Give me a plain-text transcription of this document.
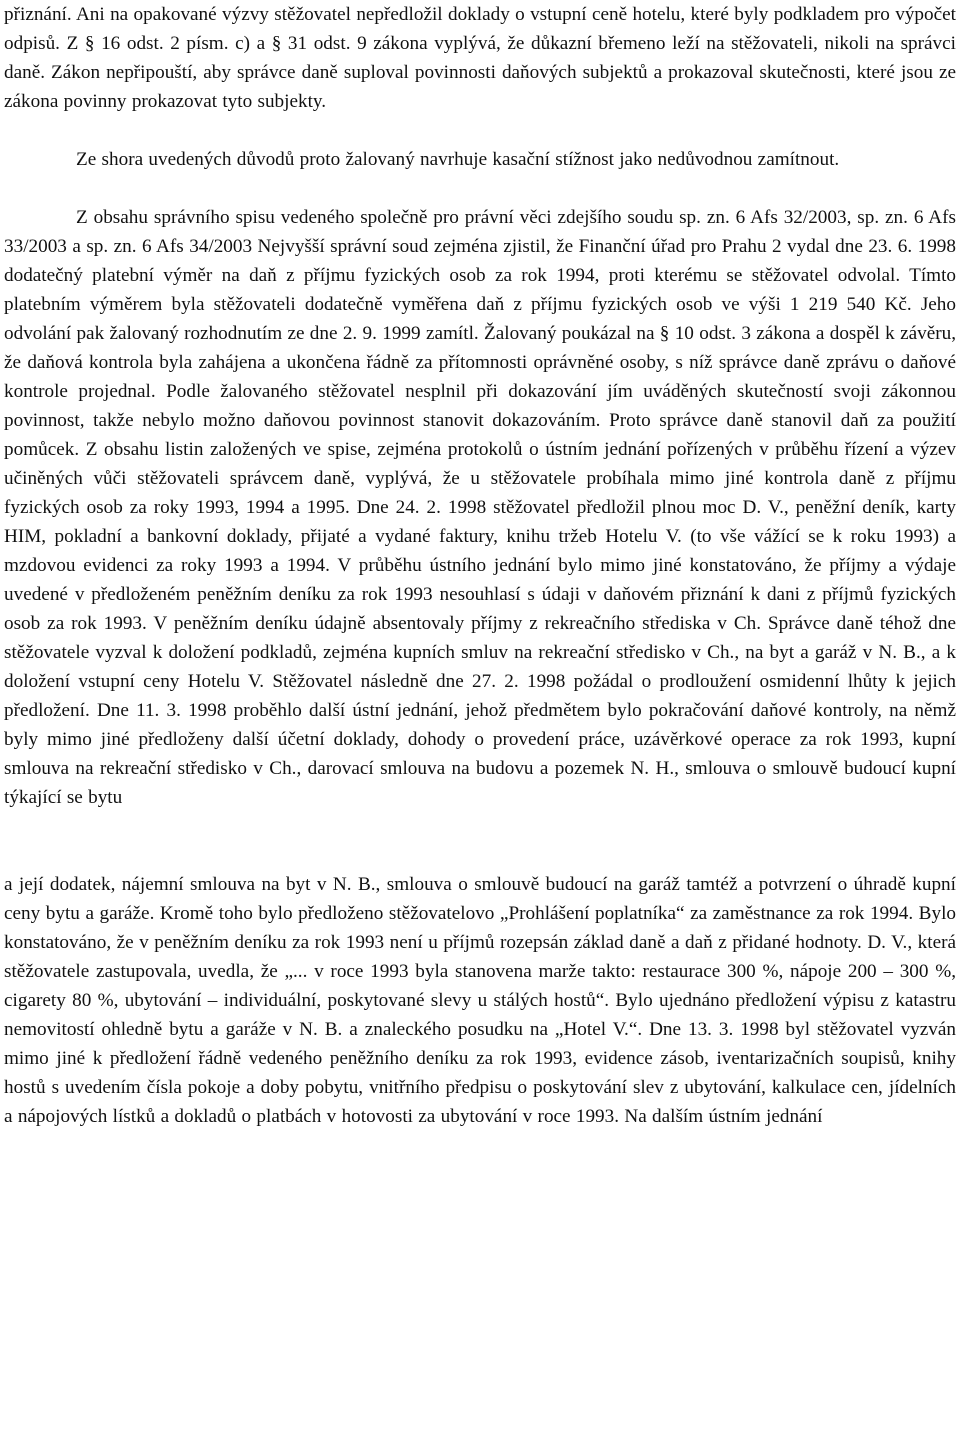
přiznání. Ani na opakované výzvy stěžovatel nepředložil doklady o vstupní ceně hotelu, které byly podkladem pro výpočet odpisů. Z § 16 odst. 2 písm. c) a § 31 odst. 9 zákona vyplývá, že důkazní břemeno leží na stěžovateli, nikoli na správci daně. Zákon nepřipouští, aby správce daně suploval povinnosti daňových subjektů a prokazoval skutečnosti, které jsou ze zákona povinny prokazovat tyto subjekty.

Ze shora uvedených důvodů proto žalovaný navrhuje kasační stížnost jako nedůvodnou zamítnout.

Z obsahu správního spisu vedeného společně pro právní věci zdejšího soudu sp. zn. 6 Afs 32/2003, sp. zn. 6 Afs 33/2003 a sp. zn. 6 Afs 34/2003 Nejvyšší správní soud zejména zjistil, že Finanční úřad pro Prahu 2 vydal dne 23. 6. 1998 dodatečný platební výměr na daň z příjmu fyzických osob za rok 1994, proti kterému se stěžovatel odvolal. Tímto platebním výměrem byla stěžovateli dodatečně vyměřena daň z příjmu fyzických osob ve výši 1 219 540 Kč. Jeho odvolání pak žalovaný rozhodnutím ze dne 2. 9. 1999 zamítl. Žalovaný poukázal na § 10 odst. 3 zákona a dospěl k závěru, že daňová kontrola byla zahájena a ukončena řádně za přítomnosti oprávněné osoby, s níž správce daně zprávu o daňové kontrole projednal. Podle žalovaného stěžovatel nesplnil při dokazování jím uváděných skutečností svoji zákonnou povinnost, takže nebylo možno daňovou povinnost stanovit dokazováním. Proto správce daně stanovil daň za použití pomůcek. Z obsahu listin založených ve spise, zejména protokolů o ústním jednání pořízených v průběhu řízení a výzev učiněných vůči stěžovateli správcem daně, vyplývá, že u stěžovatele probíhala mimo jiné kontrola daně z příjmu fyzických osob za roky 1993, 1994 a 1995. Dne 24. 2. 1998 stěžovatel předložil plnou moc D. V., peněžní deník, karty HIM, pokladní a bankovní doklady, přijaté a vydané faktury, knihu tržeb Hotelu V. (to vše vážící se k roku 1993) a mzdovou evidenci za roky 1993 a 1994. V průběhu ústního jednání bylo mimo jiné konstatováno, že příjmy a výdaje uvedené v předloženém peněžním deníku za rok 1993 nesouhlasí s údaji v daňovém přiznání k dani z příjmů fyzických osob za rok 1993. V peněžním deníku údajně absentovaly příjmy z rekreačního střediska v Ch. Správce daně téhož dne stěžovatele vyzval k doložení podkladů, zejména kupních smluv na rekreační středisko v Ch., na byt a garáž v N. B., a k doložení vstupní ceny Hotelu V. Stěžovatel následně dne 27. 2. 1998 požádal o prodloužení osmidenní lhůty k jejich předložení. Dne 11. 3. 1998 proběhlo další ústní jednání, jehož předmětem bylo pokračování daňové kontroly, na němž byly mimo jiné předloženy další účetní doklady, dohody o provedení práce, uzávěrkové operace za rok 1993, kupní smlouva na rekreační středisko v Ch., darovací smlouva na budovu a pozemek N. H., smlouva o smlouvě budoucí kupní týkající se bytu

a její dodatek, nájemní smlouva na byt v N. B., smlouva o smlouvě budoucí na garáž tamtéž a potvrzení o úhradě kupní ceny bytu a garáže. Kromě toho bylo předloženo stěžovatelovo „Prohlášení poplatníka“ za zaměstnance za rok 1994. Bylo konstatováno, že v peněžním deníku za rok 1993 není u příjmů rozepsán základ daně a daň z přidané hodnoty. D. V., která stěžovatele zastupovala, uvedla, že „... v roce 1993 byla stanovena marže takto: restaurace 300 %, nápoje 200 – 300 %, cigarety 80 %, ubytování – individuální, poskytované slevy u stálých hostů“. Bylo ujednáno předložení výpisu z katastru nemovitostí ohledně bytu a garáže v N. B. a znaleckého posudku na „Hotel V.“. Dne 13. 3. 1998 byl stěžovatel vyzván mimo jiné k předložení řádně vedeného peněžního deníku za rok 1993, evidence zásob, iventarizačních soupisů, knihy hostů s uvedením čísla pokoje a doby pobytu, vnitřního předpisu o poskytování slev z ubytování, kalkulace cen, jídelních a nápojových lístků a dokladů o platbách v hotovosti za ubytování v roce 1993. Na dalším ústním jednání
